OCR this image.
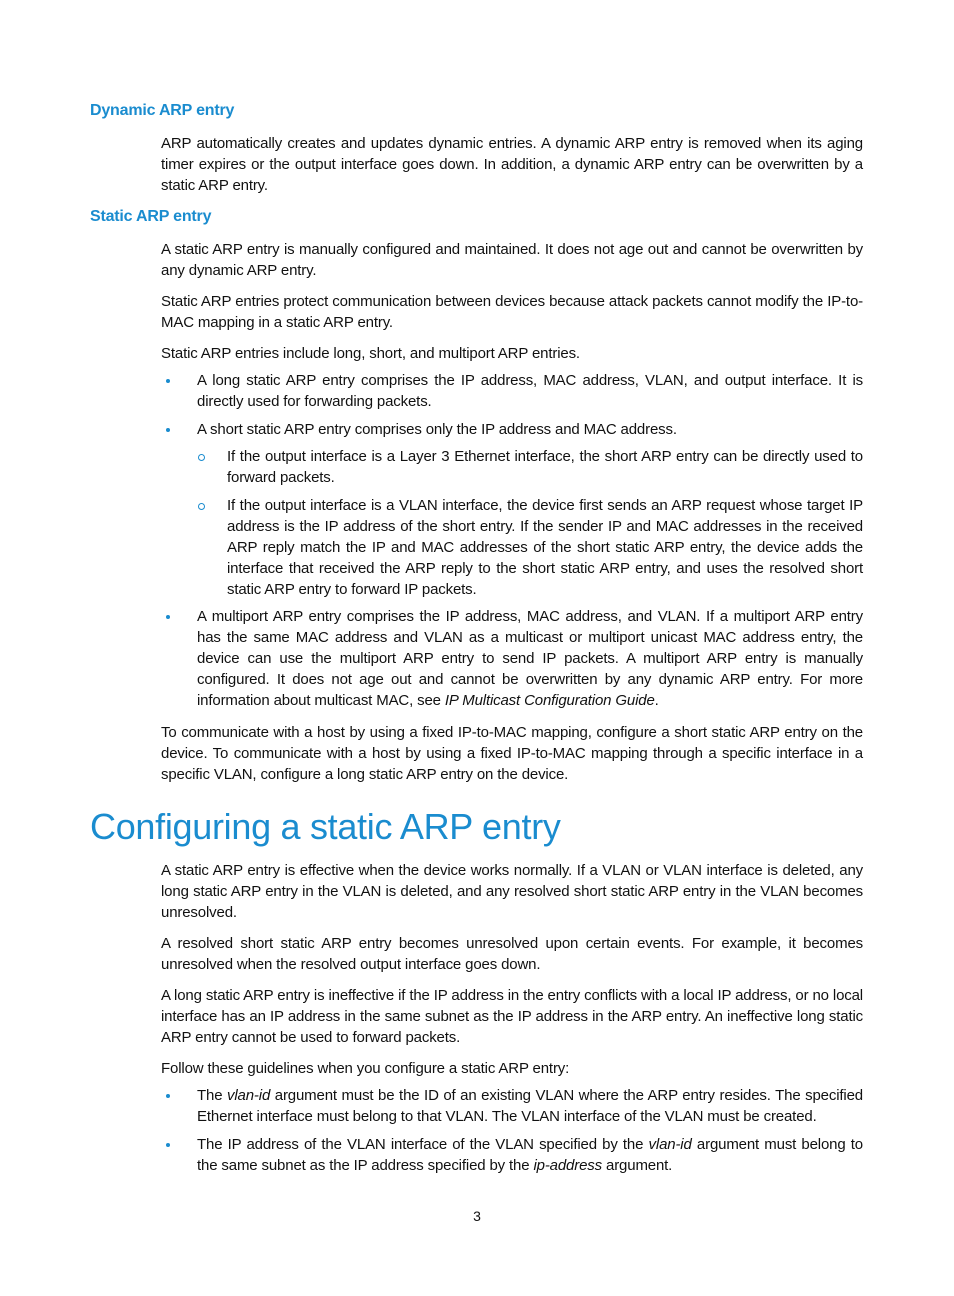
Dynamic ARP entry

ARP automatically creates and updates dynamic entries. A dynamic ARP entry is removed when its aging timer expires or the output interface goes down. In addition, a dynamic ARP entry can be overwritten by a static ARP entry.

Static ARP entry

A static ARP entry is manually configured and maintained. It does not age out and cannot be overwritten by any dynamic ARP entry.

Static ARP entries protect communication between devices because attack packets cannot modify the IP-to-MAC mapping in a static ARP entry.

Static ARP entries include long, short, and multiport ARP entries.

A long static ARP entry comprises the IP address, MAC address, VLAN, and output interface. It is directly used for forwarding packets.
A short static ARP entry comprises only the IP address and MAC address.
If the output interface is a Layer 3 Ethernet interface, the short ARP entry can be directly used to forward packets.
If the output interface is a VLAN interface, the device first sends an ARP request whose target IP address is the IP address of the short entry. If the sender IP and MAC addresses in the received ARP reply match the IP and MAC addresses of the short static ARP entry, the device adds the interface that received the ARP reply to the short static ARP entry, and uses the resolved short static ARP entry to forward IP packets.
A multiport ARP entry comprises the IP address, MAC address, and VLAN. If a multiport ARP entry has the same MAC address and VLAN as a multicast or multiport unicast MAC address entry, the device can use the multiport ARP entry to send IP packets. A multiport ARP entry is manually configured. It does not age out and cannot be overwritten by any dynamic ARP entry. For more information about multicast MAC, see IP Multicast Configuration Guide.

To communicate with a host by using a fixed IP-to-MAC mapping, configure a short static ARP entry on the device. To communicate with a host by using a fixed IP-to-MAC mapping through a specific interface in a specific VLAN, configure a long static ARP entry on the device.

Configuring a static ARP entry

A static ARP entry is effective when the device works normally. If a VLAN or VLAN interface is deleted, any long static ARP entry in the VLAN is deleted, and any resolved short static ARP entry in the VLAN becomes unresolved.

A resolved short static ARP entry becomes unresolved upon certain events. For example, it becomes unresolved when the resolved output interface goes down.

A long static ARP entry is ineffective if the IP address in the entry conflicts with a local IP address, or no local interface has an IP address in the same subnet as the IP address in the ARP entry. An ineffective long static ARP entry cannot be used to forward packets.

Follow these guidelines when you configure a static ARP entry:

The vlan-id argument must be the ID of an existing VLAN where the ARP entry resides. The specified Ethernet interface must belong to that VLAN. The VLAN interface of the VLAN must be created.
The IP address of the VLAN interface of the VLAN specified by the vlan-id argument must belong to the same subnet as the IP address specified by the ip-address argument.
3
